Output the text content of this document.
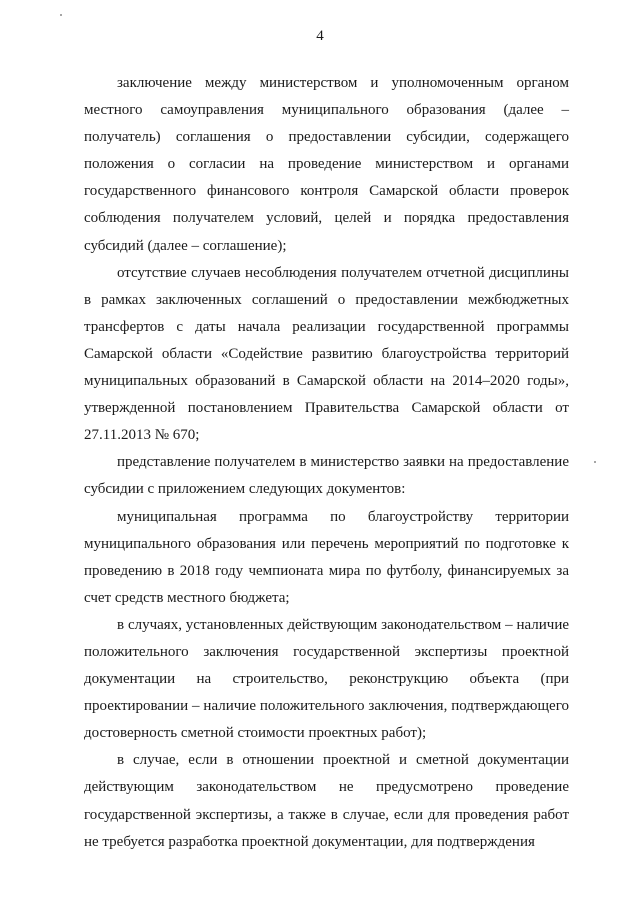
4

заключение между министерством и уполномоченным органом местного самоуправления муниципального образования (далее – получатель) соглашения о предоставлении субсидии, содержащего положения о согласии на проведение министерством и органами государственного финансового контроля Самарской области проверок соблюдения получателем условий, целей и порядка предоставления субсидий (далее – соглашение);

отсутствие случаев несоблюдения получателем отчетной дисциплины в рамках заключенных соглашений о предоставлении межбюджетных трансфертов с даты начала реализации государственной программы Самарской области «Содействие развитию благоустройства территорий муниципальных образований в Самарской области на 2014–2020 годы», утвержденной постановлением Правительства Самарской области от 27.11.2013 № 670;

представление получателем в министерство заявки на предоставление субсидии с приложением следующих документов:

муниципальная программа по благоустройству территории муниципального образования или перечень мероприятий по подготовке к проведению в 2018 году чемпионата мира по футболу, финансируемых за счет средств местного бюджета;

в случаях, установленных действующим законодательством – наличие положительного заключения государственной экспертизы проектной документации на строительство, реконструкцию объекта (при проектировании – наличие положительного заключения, подтверждающего достоверность сметной стоимости проектных работ);

в случае, если в отношении проектной и сметной документации действующим законодательством не предусмотрено проведение государственной экспертизы, а также в случае, если для проведения работ не требуется разработка проектной документации, для подтверждения
